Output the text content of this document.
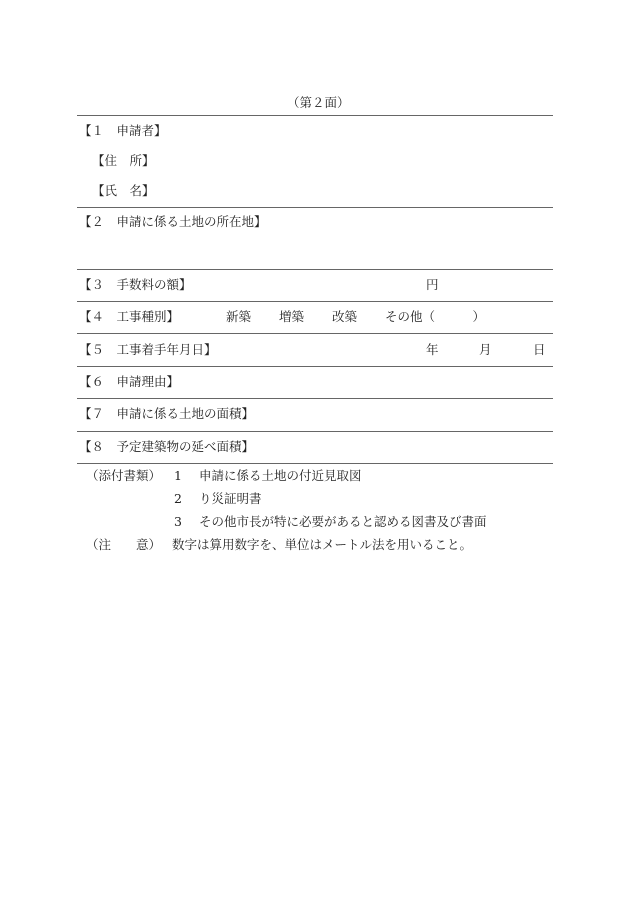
（第２面）
【１　申請者】
【住　所】
【氏　名】
【２　申請に係る土地の所在地】
【３　手数料の額】	円
【４　工事種別】	新築 増築 改築 その他（　　　）
【５　工事着手年月日】	年	月	日
【６　申請理由】
【７　申請に係る土地の面積】
【８　予定建築物の延べ面積】
（添付書類） 1 申請に係る土地の付近見取図
2 り災証明書
3 その他市長が特に必要があると認める図書及び書面
（注　　意） 数字は算用数字を、単位はメートル法を用いること。
